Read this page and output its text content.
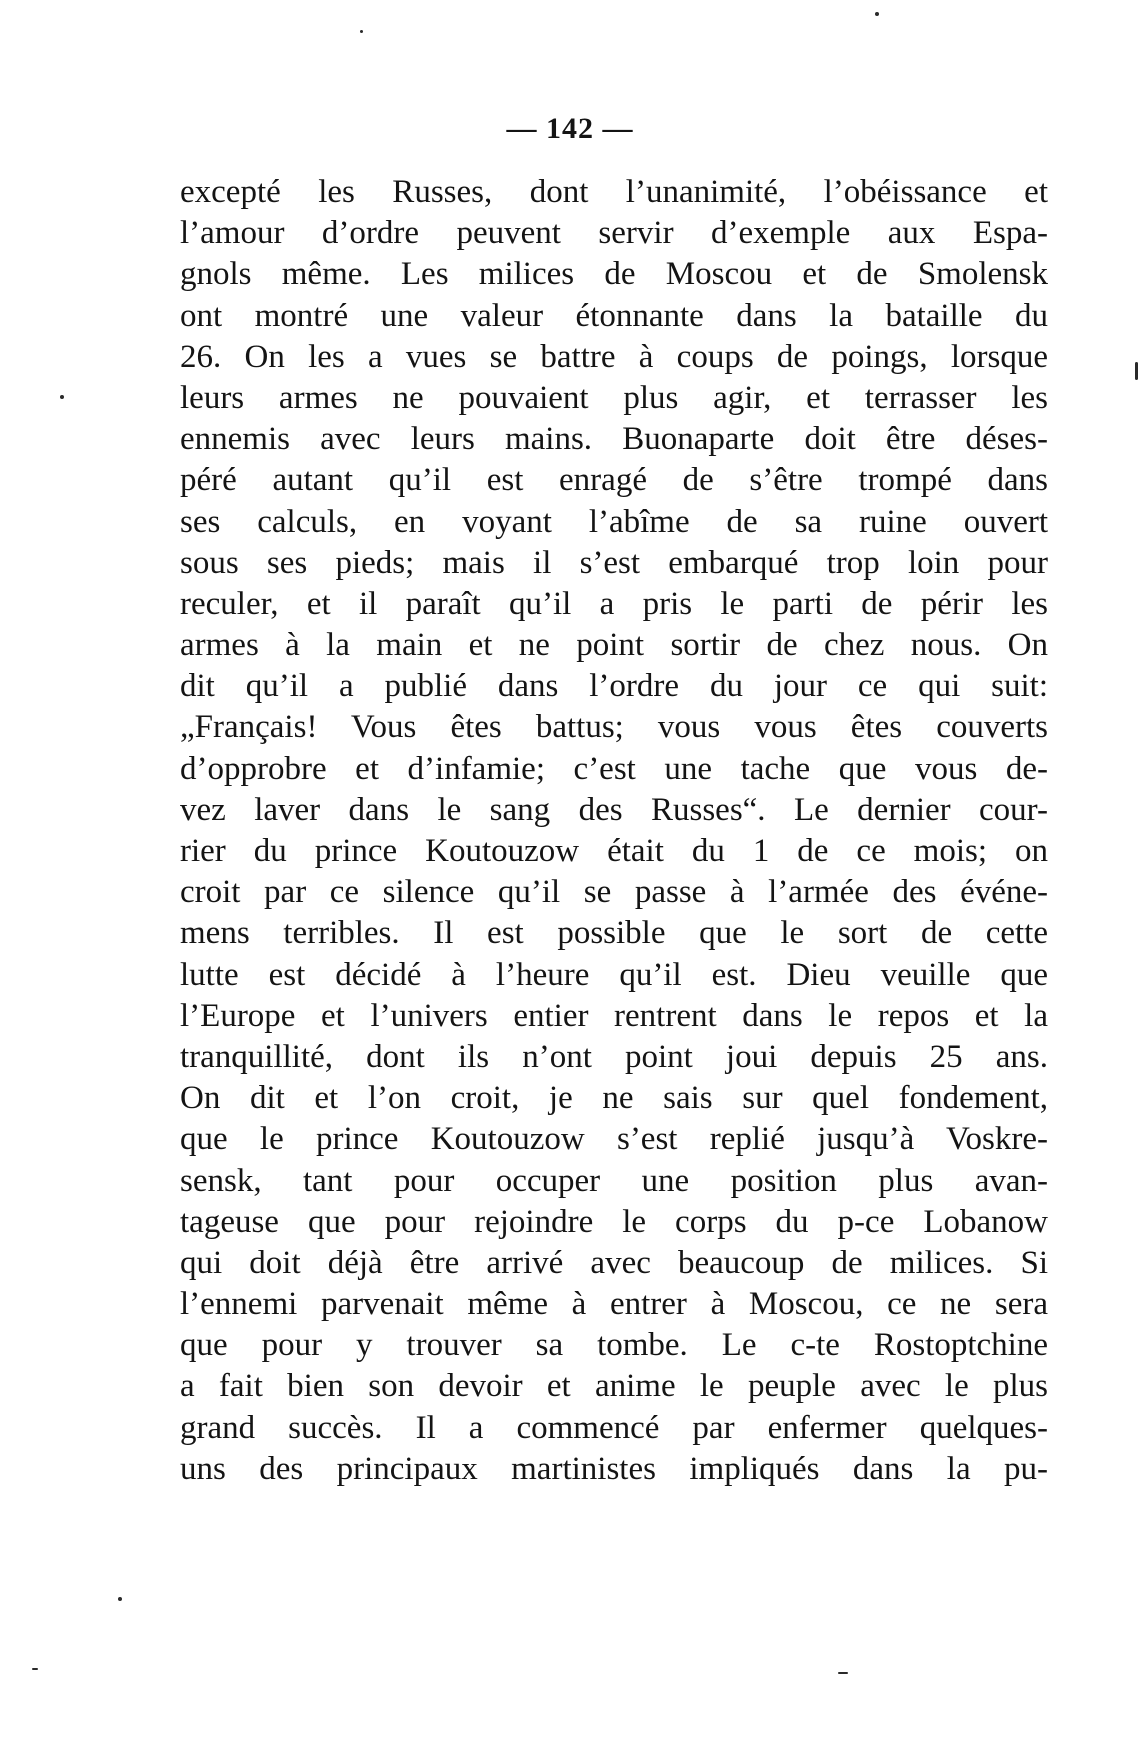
— 142 —
excepté les Russes, dont l’unanimité, l’obéissance et
l’amour d’ordre peuvent servir d’exemple aux Espa-
gnols même. Les milices de Moscou et de Smolensk
ont montré une valeur étonnante dans la bataille du
26. On les a vues se battre à coups de poings, lorsque
leurs armes ne pouvaient plus agir, et terrasser les
ennemis avec leurs mains. Buonaparte doit être déses-
péré autant qu’il est enragé de s’être trompé dans
ses calculs, en voyant l’abîme de sa ruine ouvert
sous ses pieds; mais il s’est embarqué trop loin pour
reculer, et il paraît qu’il a pris le parti de périr les
armes à la main et ne point sortir de chez nous. On
dit qu’il a publié dans l’ordre du jour ce qui suit:
„Français! Vous êtes battus; vous vous êtes couverts
d’opprobre et d’infamie; c’est une tache que vous de-
vez laver dans le sang des Russes“. Le dernier cour-
rier du prince Koutouzow était du 1 de ce mois; on
croit par ce silence qu’il se passe à l’armée des événe-
mens terribles. Il est possible que le sort de cette
lutte est décidé à l’heure qu’il est. Dieu veuille que
l’Europe et l’univers entier rentrent dans le repos et la
tranquillité, dont ils n’ont point joui depuis 25 ans.
On dit et l’on croit, je ne sais sur quel fondement,
que le prince Koutouzow s’est replié jusqu’à Voskre-
sensk, tant pour occuper une position plus avan-
tageuse que pour rejoindre le corps du p-ce Lobanow
qui doit déjà être arrivé avec beaucoup de milices. Si
l’ennemi parvenait même à entrer à Moscou, ce ne sera
que pour y trouver sa tombe. Le c-te Rostoptchine
a fait bien son devoir et anime le peuple avec le plus
grand succès. Il a commencé par enfermer quelques-
uns des principaux martinistes impliqués dans la pu-
